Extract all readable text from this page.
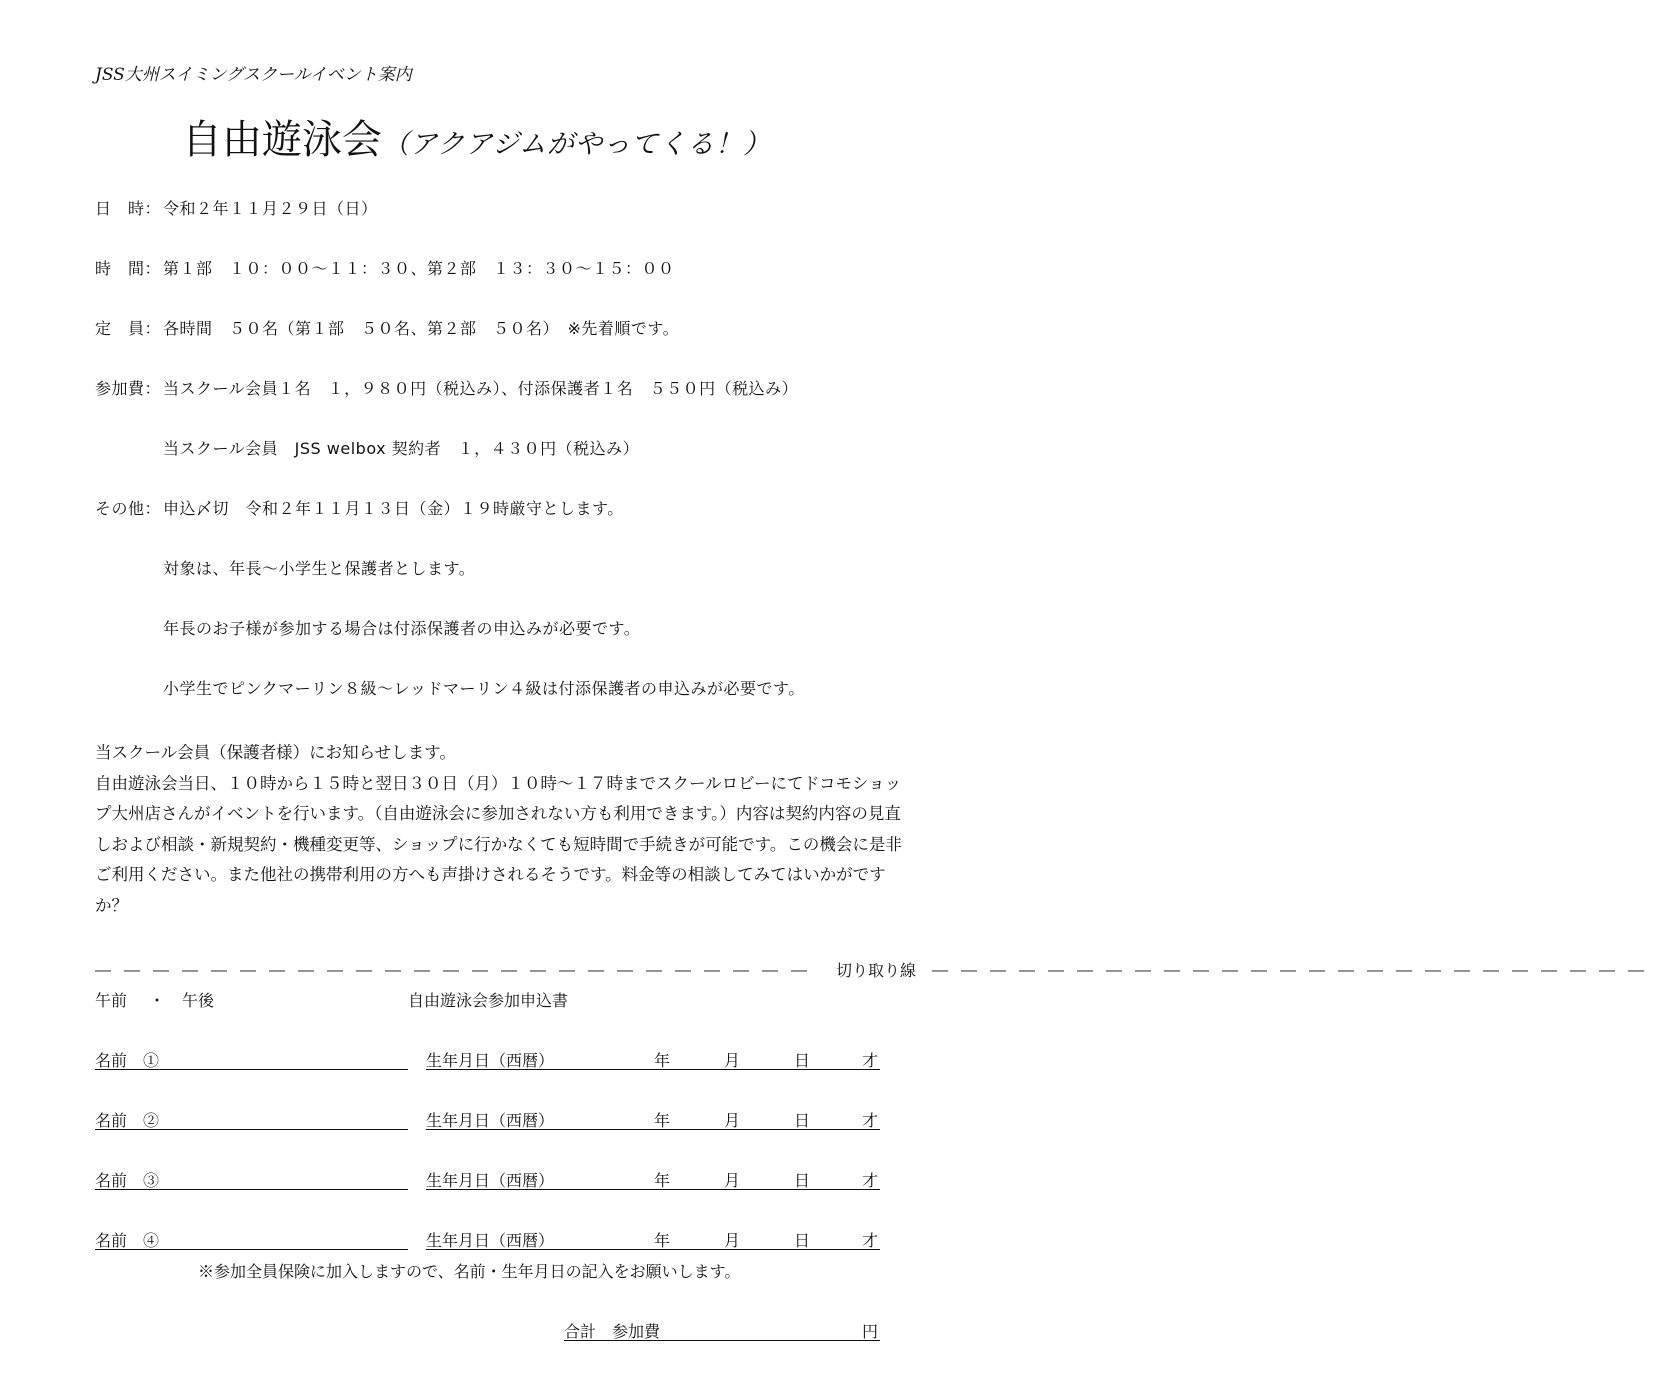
JSS大州スイミングスクールイベント案内
自由遊泳会（アクアジムがやってくる！）
日　時： 令和２年１１月２９日（日）
時　間： 第１部　１０：００～１１：３０、第２部　１３：３０～１５：００
定　員： 各時間　５０名（第１部　５０名、第２部　５０名）　※先着順です。
参加費： 当スクール会員１名　１，９８０円（税込み）、付添保護者１名　５５０円（税込み）
当スクール会員　JSS welbox 契約者　１，４３０円（税込み）
その他： 申込〆切　令和２年１１月１３日（金）１９時厳守とします。
対象は、年長～小学生と保護者とします。
年長のお子様が参加する場合は付添保護者の申込みが必要です。
小学生でピンクマーリン８級～レッドマーリン４級は付添保護者の申込みが必要です。

当スクール会員（保護者様）にお知らせします。

自由遊泳会当日、１０時から１５時と翌日３０日（月）１０時～１７時までスクールロビーにてドコモショップ大州店さんがイベントを行います。（自由遊泳会に参加されない方も利用できます。）内容は契約内容の見直しおよび相談・新規契約・機種変更等、ショップに行かなくても短時間で手続きが可能です。この機会に是非ご利用ください。また他社の携帯利用の方へも声掛けされるそうです。料金等の相談してみてはいかがですか？

―――――――――――――――――――――――――	切り取り線	―――――――――――――――――――――――――
午前 ・ 午後	自由遊泳会参加申込書
名前　①	生年月日（西暦）	年	月	日	才
名前　②	生年月日（西暦）	年	月	日	才
名前　③	生年月日（西暦）	年	月	日	才
名前　④	生年月日（西暦）	年	月	日	才
※参加全員保険に加入しますので、名前・生年月日の記入をお願いします。
合計　参加費	円
